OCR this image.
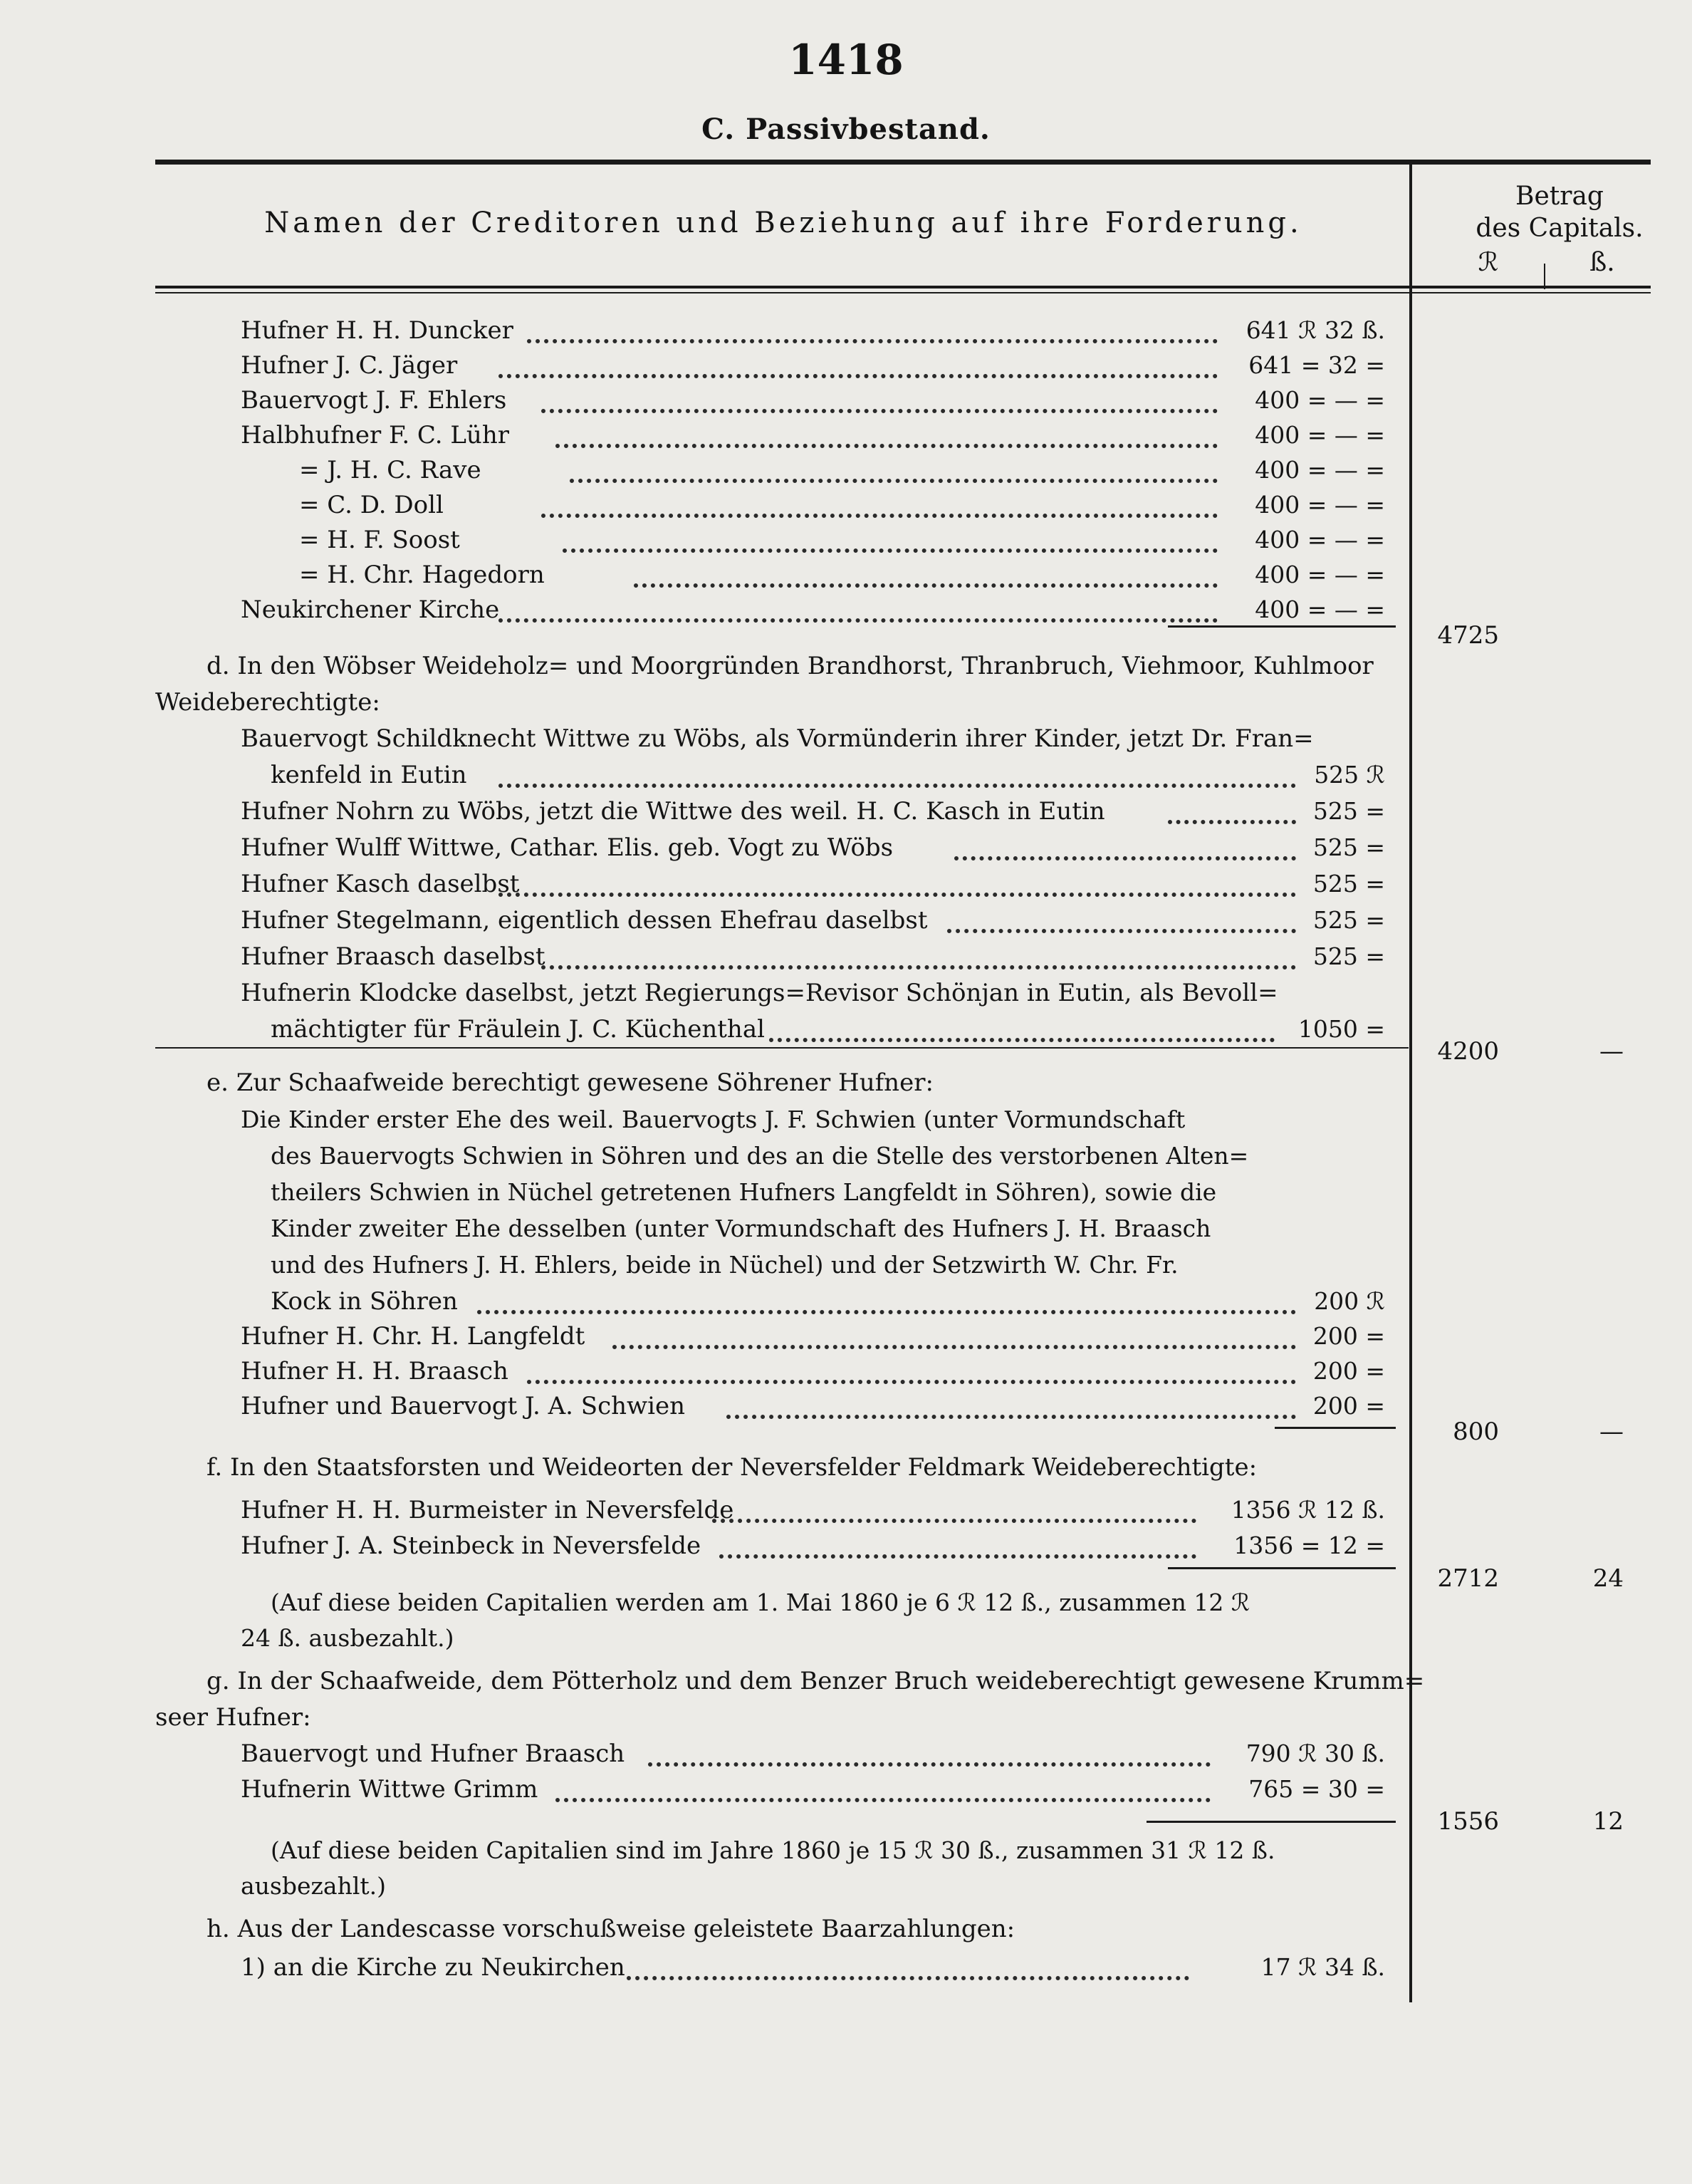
1418
C. Passivbestand.
Namen der Creditoren und Beziehung auf ihre Forderung.
Betrag
des Capitals.
ℛ	ß.
Hufner H. H. Duncker	641 ℛ 32 ß.
Hufner J. C. Jäger	641 = 32 =
Bauervogt J. F. Ehlers	400 = — =
Halbhufner F. C. Lühr	400 = — =
= J. H. C. Rave	400 = — =
= C. D. Doll	400 = — =
= H. F. Soost	400 = — =
= H. Chr. Hagedorn	400 = — =
Neukirchener Kirche	400 = — =
4725
d. In den Wöbser Weideholz= und Moorgründen Brandhorst, Thranbruch, Viehmoor, Kuhlmoor
Weideberechtigte:
Bauervogt Schildknecht Wittwe zu Wöbs, als Vormünderin ihrer Kinder, jetzt Dr. Fran=
kenfeld in Eutin	525 ℛ
Hufner Nohrn zu Wöbs, jetzt die Wittwe des weil. H. C. Kasch in Eutin	525 =
Hufner Wulff Wittwe, Cathar. Elis. geb. Vogt zu Wöbs	525 =
Hufner Kasch daselbst	525 =
Hufner Stegelmann, eigentlich dessen Ehefrau daselbst	525 =
Hufner Braasch daselbst	525 =
Hufnerin Klodcke daselbst, jetzt Regierungs=Revisor Schönjan in Eutin, als Bevoll=
mächtigter für Fräulein J. C. Küchenthal	1050 =
4200	—
e. Zur Schaafweide berechtigt gewesene Söhrener Hufner:
Die Kinder erster Ehe des weil. Bauervogts J. F. Schwien (unter Vormundschaft
des Bauervogts Schwien in Söhren und des an die Stelle des verstorbenen Alten=
theilers Schwien in Nüchel getretenen Hufners Langfeldt in Söhren), sowie die
Kinder zweiter Ehe desselben (unter Vormundschaft des Hufners J. H. Braasch
und des Hufners J. H. Ehlers, beide in Nüchel) und der Setzwirth W. Chr. Fr.
Kock in Söhren	200 ℛ
Hufner H. Chr. H. Langfeldt	200 =
Hufner H. H. Braasch	200 =
Hufner und Bauervogt J. A. Schwien	200 =
800	—
f. In den Staatsforsten und Weideorten der Neversfelder Feldmark Weideberechtigte:
Hufner H. H. Burmeister in Neversfelde	1356 ℛ 12 ß.
Hufner J. A. Steinbeck in Neversfelde	1356 = 12 =
(Auf diese beiden Capitalien werden am 1. Mai 1860 je 6 ℛ 12 ß., zusammen 12 ℛ
24 ß. ausbezahlt.)
2712	24
g. In der Schaafweide, dem Pötterholz und dem Benzer Bruch weideberechtigt gewesene Krumm=
seer Hufner:
Bauervogt und Hufner Braasch	790 ℛ 30 ß.
Hufnerin Wittwe Grimm	765 = 30 =
1556	12
(Auf diese beiden Capitalien sind im Jahre 1860 je 15 ℛ 30 ß., zusammen 31 ℛ 12 ß.
ausbezahlt.)
h. Aus der Landescasse vorschußweise geleistete Baarzahlungen:
1) an die Kirche zu Neukirchen	17 ℛ 34 ß.
